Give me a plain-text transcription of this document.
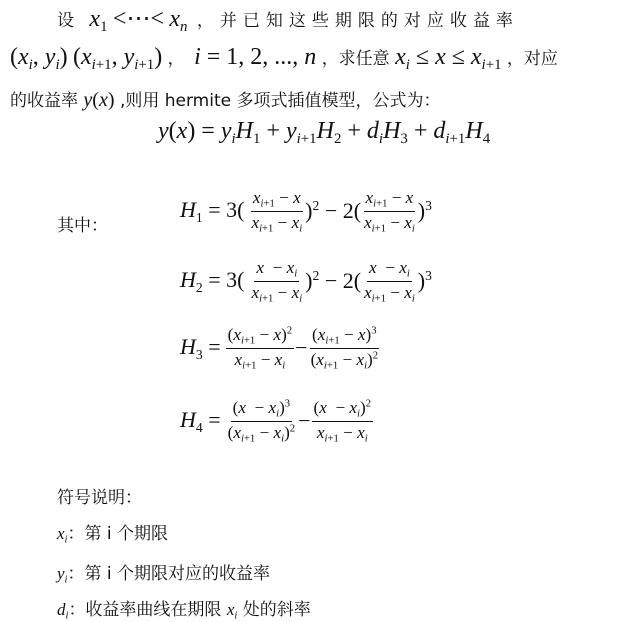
设 $x_1$ <⋯< $x_n$ ，并已知这些期限的对应收益率
($x_i$, $y_i$) ($x_{i+1}$, $y_{i+1}$) ， i = 1, 2, ..., n ，求任意 $x_i \le x \le x_{i+1}$ ，对应
的收益率 y(x) ,则用 hermite 多项式插值模型，公式为：
$y(x) = y_iH_1 + y_{i+1}H_2 + d_iH_3 + d_{i+1}H_4$
其中：
$H_1 = 3( \frac{x_{i+1} - x}{x_{i+1} - x_i} )^2 - 2( \frac{x_{i+1} - x}{x_{i+1} - x_i} )^3$
$H_2 = 3( \frac{x - x_i}{x_{i+1} - x_i} )^2 - 2( \frac{x - x_i}{x_{i+1} - x_i} )^3$
$H_3 = \frac{(x_{i+1} - x)^2}{x_{i+1} - x_i} - \frac{(x_{i+1} - x)^3}{(x_{i+1} - x_i)^2}$
$H_4 = \frac{(x - x_i)^3}{(x_{i+1} - x_i)^2} - \frac{(x - x_i)^2}{x_{i+1} - x_i}$
符号说明：
$x_i$：第 i 个期限
$y_i$：第 i 个期限对应的收益率
$d_i$：收益率曲线在期限 $x_i$ 处的斜率
